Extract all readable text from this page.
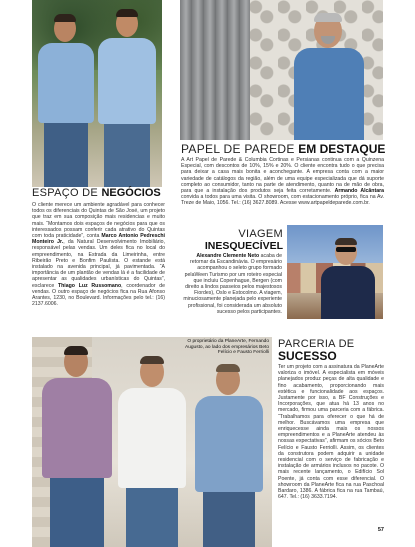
ESPAÇO DE NEGÓCIOS
O cliente merece um ambiente agradável para conhecer todos os diferenciais do Quintas de São José, um projeto que traz em sua composição mais residencias e muito mais. “Montamos dois espaços de negócios para que os interessados possam conferir cada atrativo do Quintas com toda praticidade”, conta Marco Antonio Pedreschi Monteiro Jr., da Natural Desenvolvimento Imobiliário, responsável pelas vendas. Um deles fica no local do empreendimento, na Estrada da Limeirinha, entre Ribeirão Preto e Bonfim Paulista. O estande está instalado na avenida principal, já pavimentada. “A importância de um plantão de vendas lá é a facilidade de apresentar as qualidades urbanísticas do Quintas”, esclarece Thiago Luz Russomano, coordenador de vendas. O outro espaço de negócios fica na Rua Afonso Arantes, 1230, no Boulevard. Informações pelo tel.: (16) 2137.6006.
PAPEL DE PAREDE EM DESTAQUE
A Art Papel de Parede & Columbia Cortinas e Persianas continua com a Quinzena Especial, com descontos de 10%, 15% e 20%. O cliente encontra tudo o que precisa para deixar a casa mais bonita e aconchegante. A empresa conta com a maior variedade de catálogos da região, além de uma equipe especializada que dá suporte completo ao consumidor, tanto na parte de atendimento, quanto na de mão de obra, para que a instalação dos produtos seja feita corretamente. Armando Alcântara convida a todos para uma visita. O showroom, com estacionamento próprio, fica na Av. Treze de Maio, 1056. Tel.: (16) 3627.8089. Acesse www.artpapeldeparede.com.br.
VIAGEM
INESQUECÍVEL
Alexandre Clemente Neto acaba de retornar da Escandinávia. O empresário acompanhou o seleto grupo formado pelaWeen Turismo por um roteiro especial que incluiu Copenhague, Bergen (com direito a lindos passeios pelos majestosos Fiordes), Oslo e Estocolmo. A viagem, minuciosamente planejada pelo experiente profissional, foi considerada um absoluto sucesso pelos participantes.
O proprietário da PlaneArte, Fernando Augusto, ao lado dos empresários Beto Felício e Fausto Ferriolli
PARCERIA DE
SUCESSO
Ter um projeto com a assinatura da PlaneArte valoriza o imóvel. A especialista em móveis planejados produz peças de alta qualidade e fino acabamento, proporcionando mais estética e funcionalidade aos espaços. Justamente por isso, a BF Construções e Incorporações, que atua há 13 anos no mercado, firmou uma parceria com a fábrica. “Trabalhamos para oferecer o que há de melhor. Buscávamos uma empresa que enriquecesse ainda mais os nossos empreendimentos e a PlaneArte atendeu às nossas expectativas”, afirmam os sócios Beto Felício e Fausto Ferriolli. Assim, os clientes da construtora podem adquirir a unidade residencial com o serviço de fabricação e instalação de armários inclusos no pacote. O mais recente lançamento, o Edifício Sol Poente, já conta com esse diferencial. O showroom da PlaneArte fica na rua Paschoal Bardaro, 1386. A fábrica fica na rua Tambaú, 647. Tel.: (16) 3633.7194.
57
